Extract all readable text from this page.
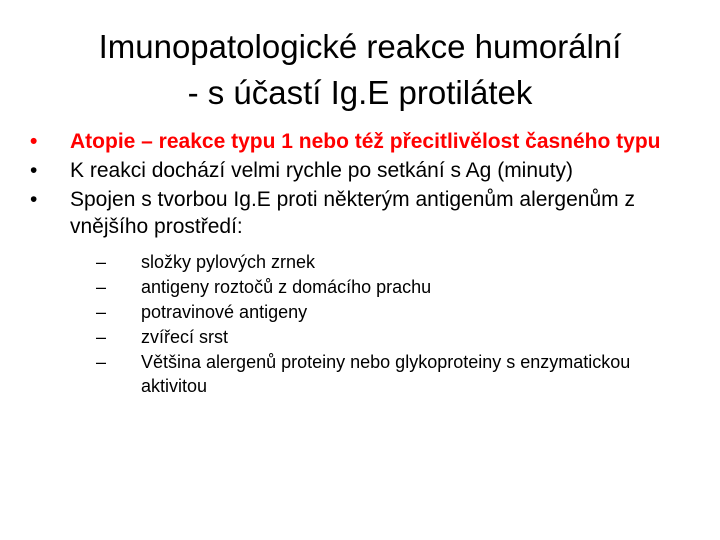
Imunopatologické reakce humorální
- s účastí Ig.E protilátek
•	Atopie – reakce typu 1 nebo též přecitlivělost časného typu
•	K reakci dochází velmi rychle po setkání s Ag (minuty)
•	Spojen s tvorbou Ig.E proti některým antigenům alergenům z vnějšího prostředí:
–	složky pylových zrnek
–	antigeny roztočů z domácího prachu
–	potravinové antigeny
–	zvířecí srst
–	Většina alergenů proteiny nebo glykoproteiny s enzymatickou aktivitou
